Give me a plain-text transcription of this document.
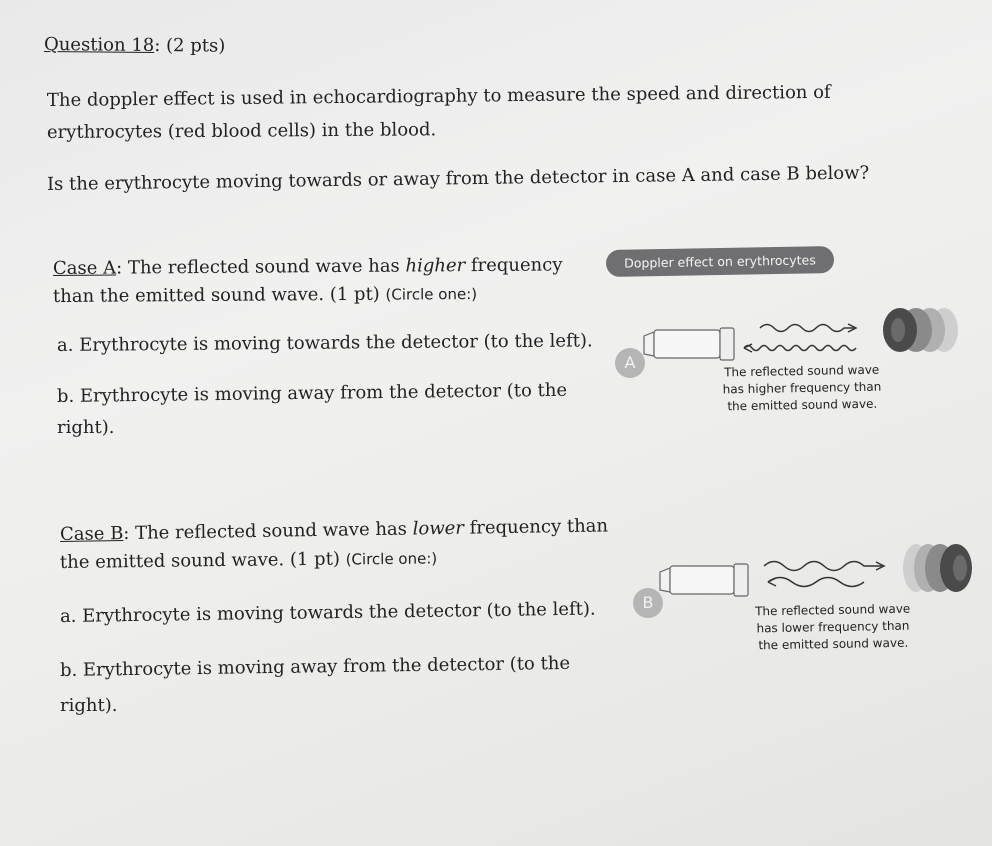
Question 18: (2 pts)
The doppler effect is used in echocardiography to measure the speed and direction of
erythrocytes (red blood cells) in the blood.
Is the erythrocyte moving towards or away from the detector in case A and case B below?
Case A: The reflected sound wave has higher frequency
than the emitted sound wave. (1 pt) (Circle one:)
a. Erythrocyte is moving towards the detector (to the left).
b. Erythrocyte is moving away from the detector (to the
right).
Case B: The reflected sound wave has lower frequency than
the emitted sound wave. (1 pt) (Circle one:)
a. Erythrocyte is moving towards the detector (to the left).
b. Erythrocyte is moving away from the detector (to the
right).
Doppler effect on erythrocytes
A	The reflected sound wave
has higher frequency than
the emitted sound wave.
B	The reflected sound wave
has lower frequency than
the emitted sound wave.
